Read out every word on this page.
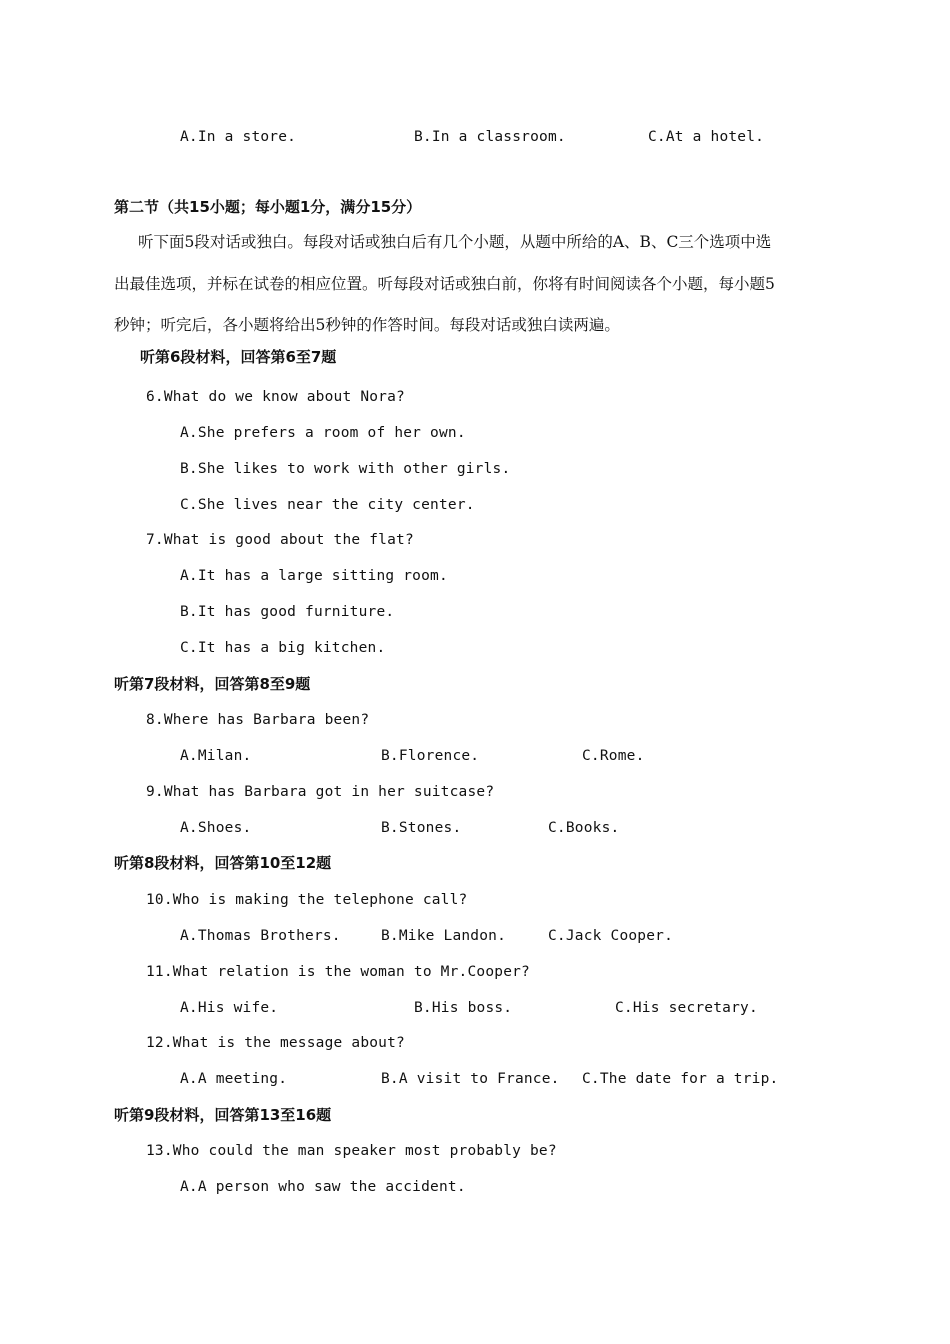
A.In a store.	B.In a classroom.	C.At a hotel.
第二节（共15小题；每小题1分，满分15分）
听下面5段对话或独白。每段对话或独白后有几个小题，从题中所给的A、B、C三个选项中选
出最佳选项，并标在试卷的相应位置。听每段对话或独白前，你将有时间阅读各个小题，每小题5
秒钟；听完后，各小题将给出5秒钟的作答时间。每段对话或独白读两遍。
听第6段材料，回答第6至7题
6.What do we know about Nora?
A.She prefers a room of her own.
B.She likes to work with other girls.
C.She lives near the city center.
7.What is good about the flat?
A.It has a large sitting room.
B.It has good furniture.
C.It has a big kitchen.
听第7段材料，回答第8至9题
8.Where has Barbara been?
A.Milan.	B.Florence.	C.Rome.
9.What has Barbara got in her suitcase?
A.Shoes.	B.Stones.	C.Books.
听第8段材料，回答第10至12题
10.Who is making the telephone call?
A.Thomas Brothers.	B.Mike Landon.	C.Jack Cooper.
11.What relation is the woman to Mr.Cooper?
A.His wife.	B.His boss.	C.His secretary.
12.What is the message about?
A.A meeting.	B.A visit to France. C.The date for a trip.
听第9段材料，回答第13至16题
13.Who could the man speaker most probably be?
A.A person who saw the accident.
